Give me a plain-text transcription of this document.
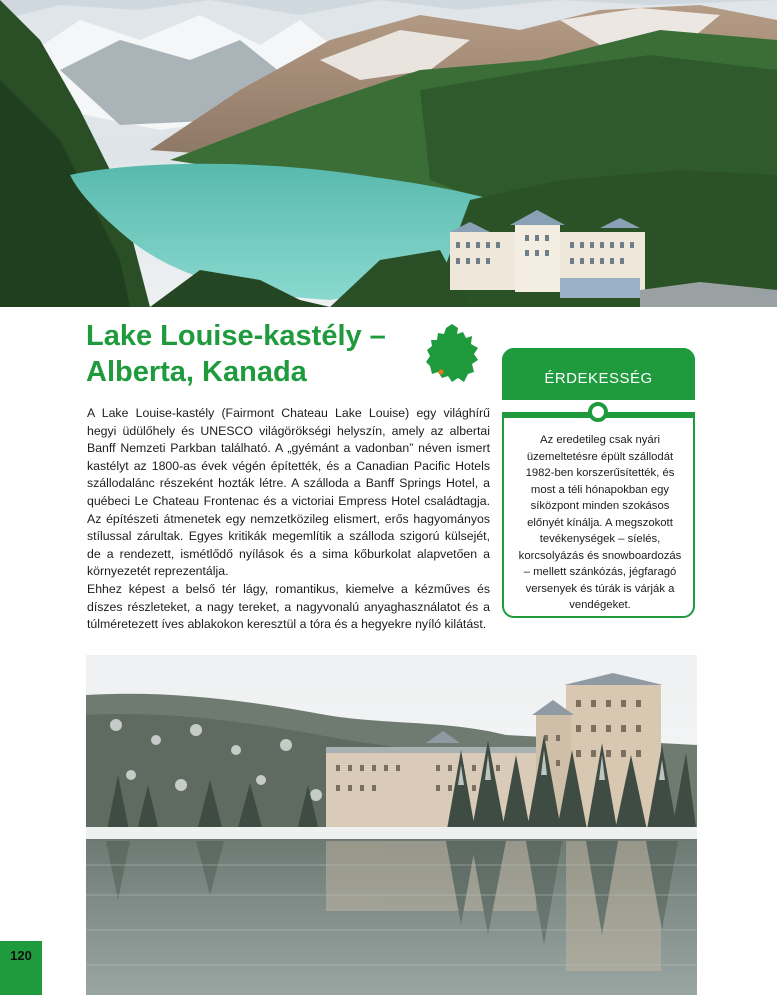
Lake Louise-kastély –
Alberta, Kanada

A Lake Louise-kastély (Fairmont Chateau Lake Louise) egy világhírű hegyi üdülőhely és UNESCO világörökségi helyszín, amely az albertai Banff Nemzeti Parkban található. A „gyémánt a vadonban” néven ismert kastélyt az 1800-as évek végén építették, és a Canadian Pacific Hotels szállodalánc részeként hozták létre. A szálloda a Banff Springs Hotel, a québeci Le Chateau Frontenac és a victoriai Empress Hotel családtagja. Az építészeti átmenetek egy nemzetközileg elismert, erős hagyományos stílussal zárultak. Egyes kritikák megemlítik a szálloda szigorú külsejét, de a rendezett, ismétlődő nyílások és a sima kőburkolat alapvetően a környezetét reprezentálja.

Ehhez képest a belső tér lágy, romantikus, kiemelve a kézműves és díszes részleteket, a nagy tereket, a nagyvonalú anyaghasználatot és a túlméretezett íves ablakokon keresztül a tóra és a hegyekre nyíló kilátást.

ÉRDEKESSÉG

Az eredetileg csak nyári üzemeltetésre épült szállodát 1982-ben korszerűsítették, és most a téli hónapokban egy síközpont minden szokásos előnyét kínálja. A megszokott tevékenységek – síelés, korcsolyázás és snowboardozás – mellett szánkózás, jégfaragó versenyek és túrák is várják a vendégeket.

120
